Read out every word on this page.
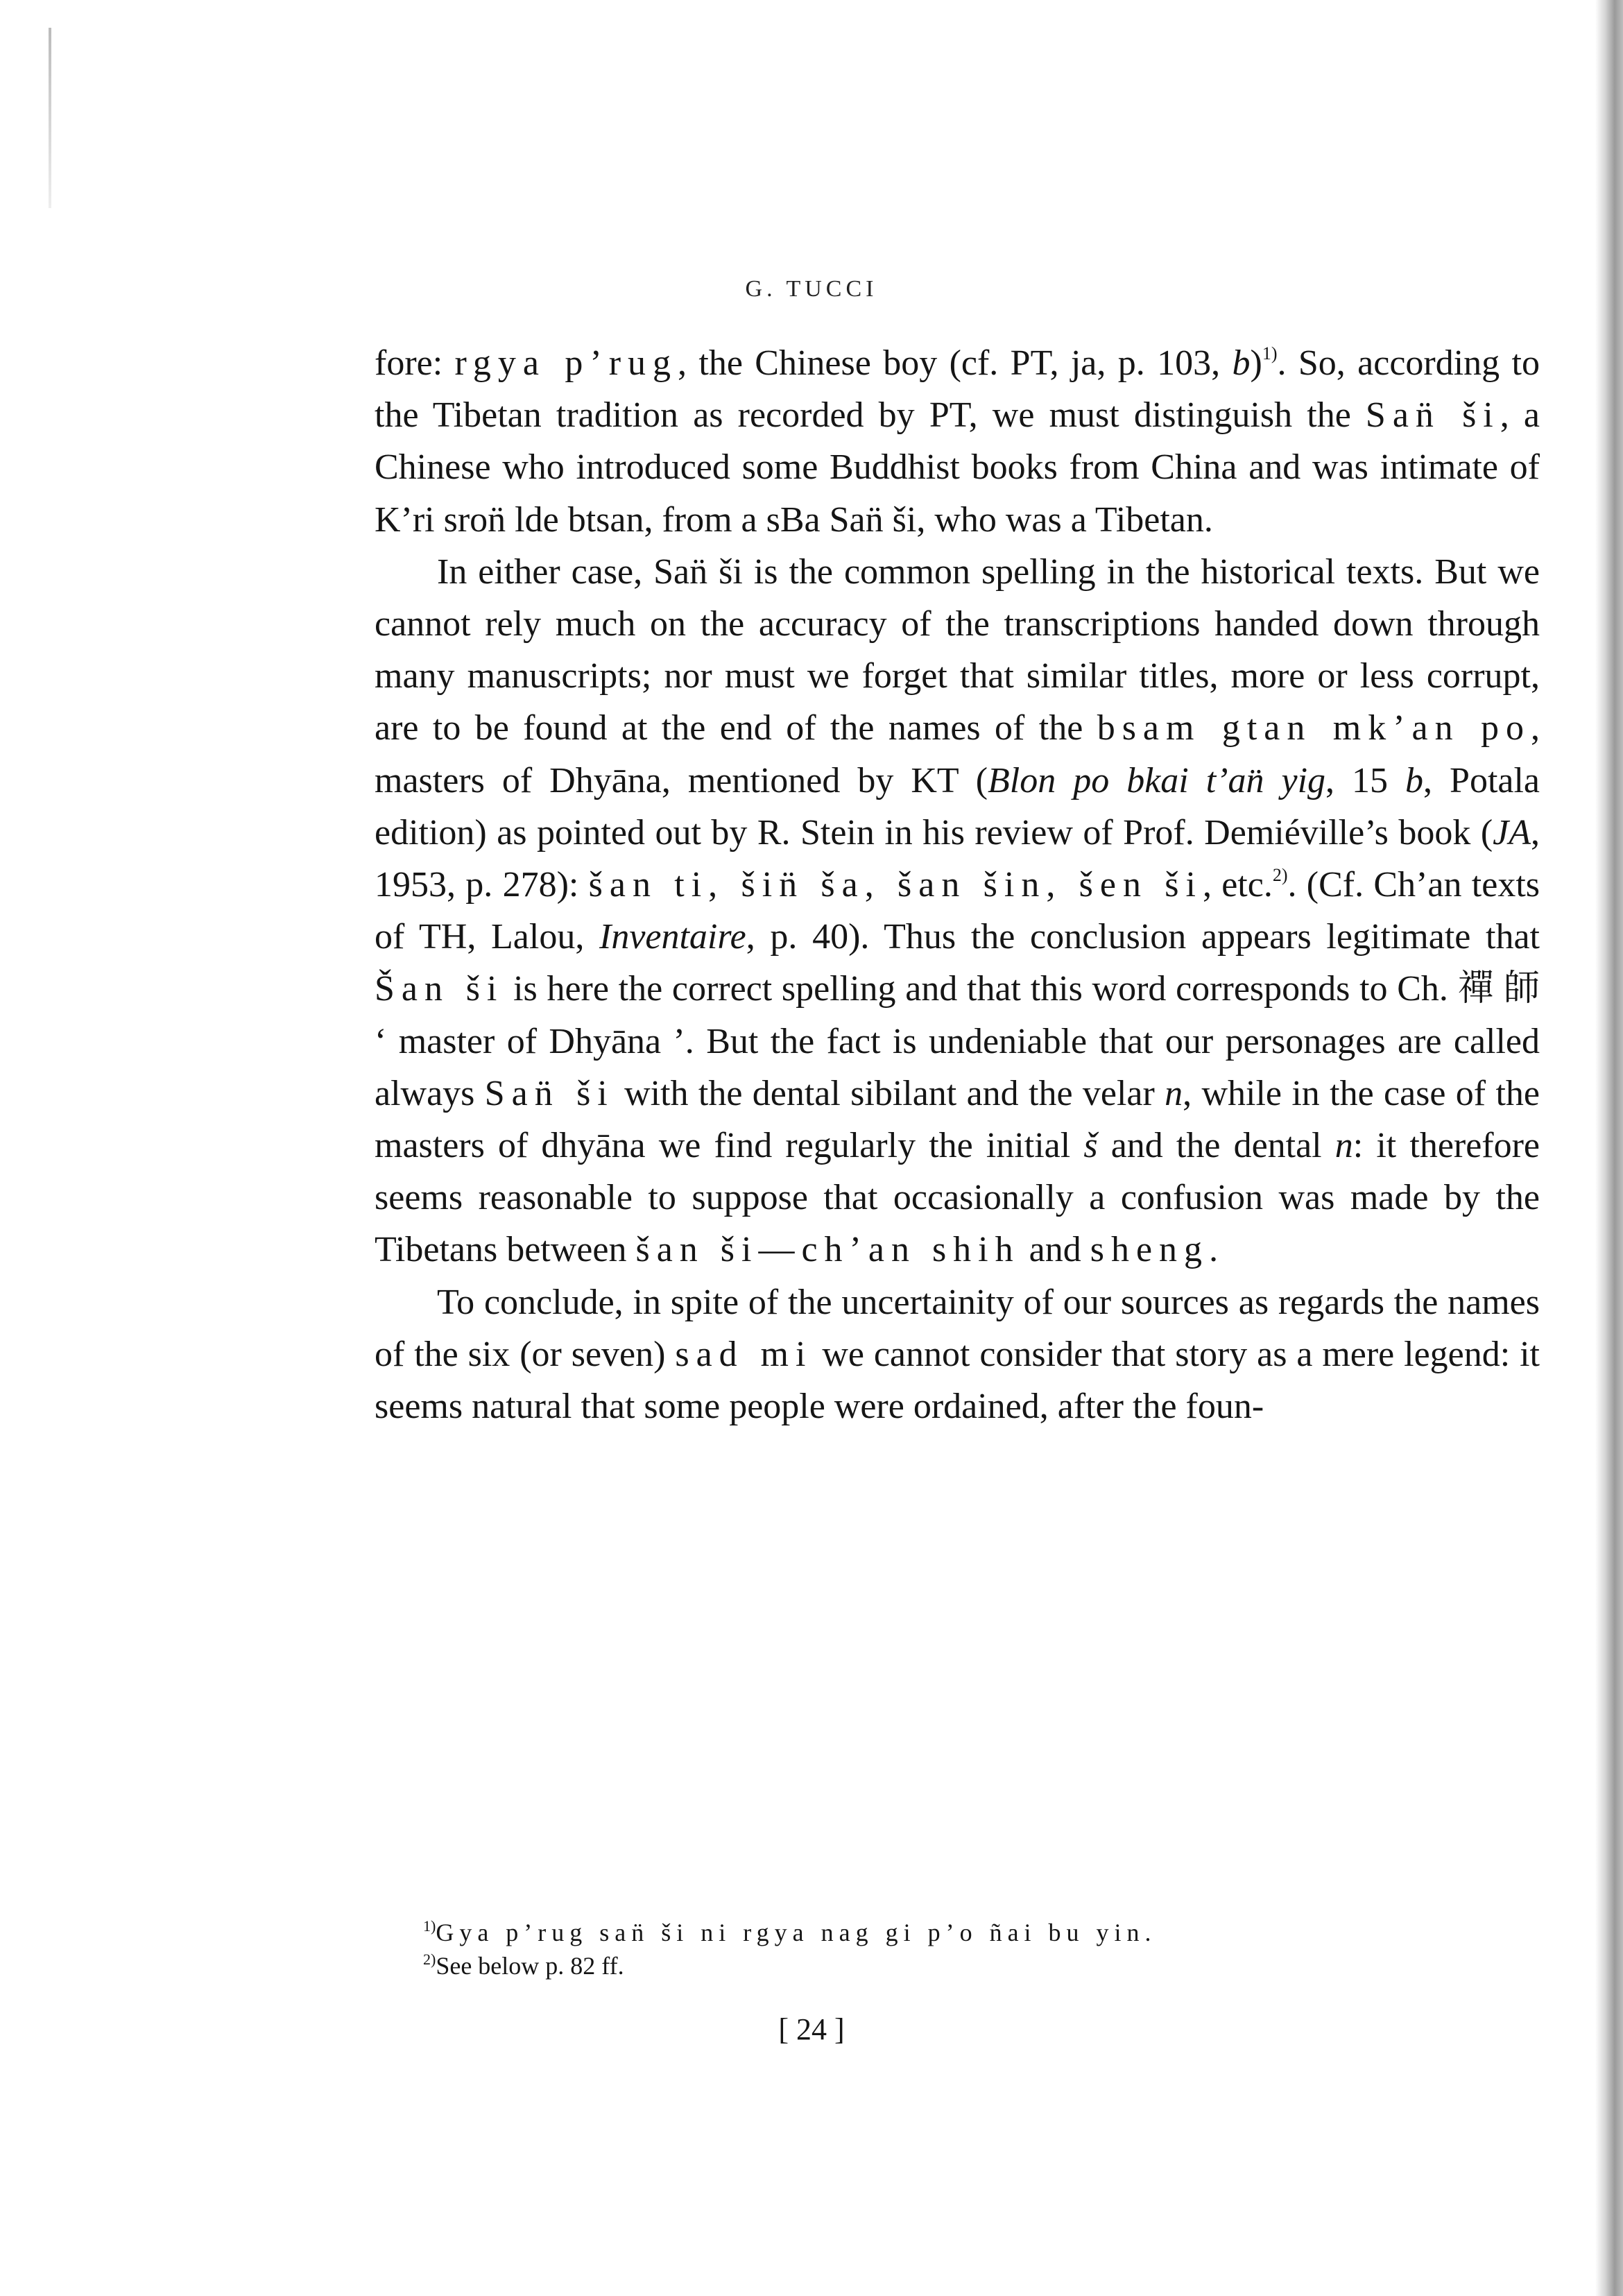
G. TUCCI

fore: rgya p’rug, the Chinese boy (cf. PT, ja, p. 103, b)$^{1)}$. So, according to the Tibetan tradition as recorded by PT, we must distinguish the San̈ ši, a Chinese who introduced some Buddhist books from China and was intimate of K’ri sron̈ lde btsan, from a sBa San̈ ši, who was a Tibetan.

In either case, San̈ ši is the common spelling in the historical texts. But we cannot rely much on the accuracy of the transcriptions handed down through many manuscripts; nor must we forget that similar titles, more or less corrupt, are to be found at the end of the names of the bsam gtan mk’an po, masters of Dhyāna, mentioned by KT (Blon po bkai t’an̈ yig, 15 b, Potala edition) as pointed out by R. Stein in his review of Prof. Demiéville’s book (JA, 1953, p. 278): šan ti, šin̈ ša, šan šin, šen ši, etc.$^{2)}$. (Cf. Ch’an texts of TH, Lalou, Inventaire, p. 40). Thus the conclusion appears legitimate that Šan ši is here the correct spelling and that this word corresponds to Ch. 禪 師 ‘ master of Dhyāna ’. But the fact is undeniable that our personages are called always San̈ ši with the dental sibilant and the velar n, while in the case of the masters of dhyāna we find regularly the initial š and the dental n: it therefore seems reasonable to suppose that occasionally a confusion was made by the Tibetans between šan ši—ch’an shih and sheng.

To conclude, in spite of the uncertainity of our sources as regards the names of the six (or seven) sad mi we cannot consider that story as a mere legend: it seems natural that some people were ordained, after the foun-

$^{1)}$Gya p’rug san̈ ši ni rgya nag gi p’o ñai bu yin.

$^{2)}$See below p. 82 ff.

[ 24 ]
